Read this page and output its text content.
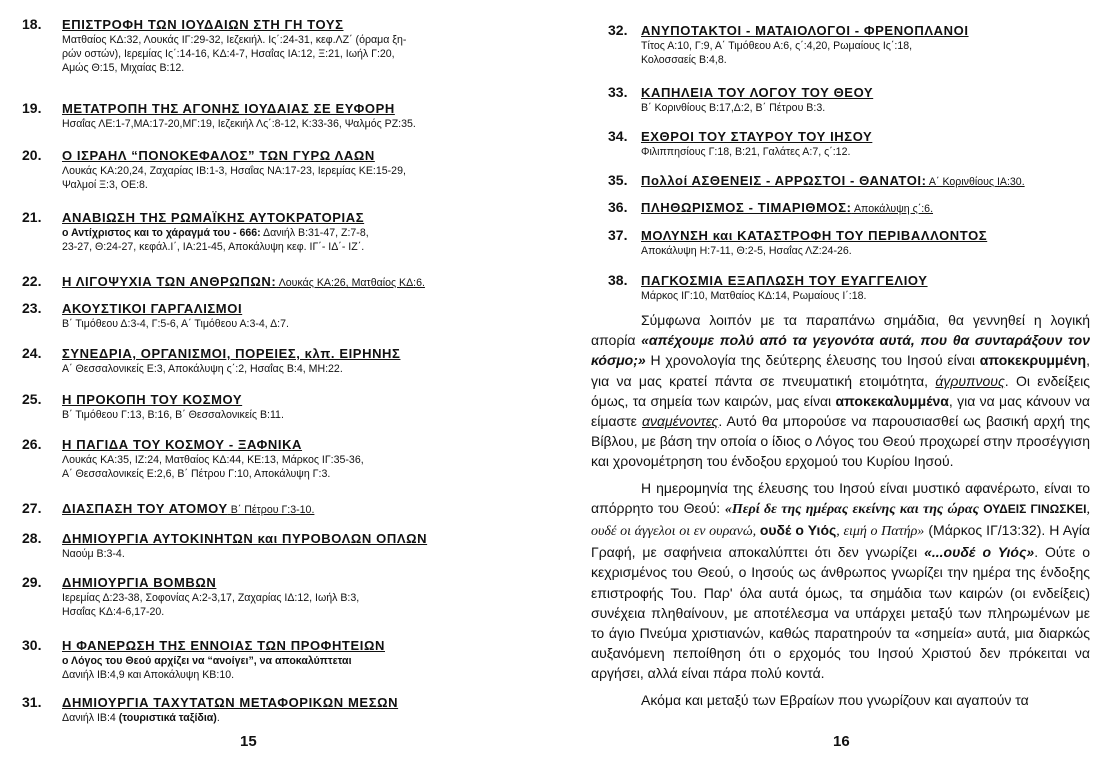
18.	ΕΠΙΣΤΡΟΦΗ ΤΩΝ ΙΟΥΔΑΙΩΝ ΣΤΗ ΓΗ ΤΟΥΣ
Ματθαίος ΚΔ:32, Λουκάς ΙΓ:29-32, Ιεζεκιήλ. Ις΄:24-31, κεφ.ΛΖ΄ (όραμα ξη-
ρών οστών), Ιερεμίας Ις΄:14-16, ΚΔ:4-7, Ησαΐας ΙΑ:12, Ξ:21, Ιωήλ Γ:20,
Αμώς Θ:15, Μιχαίας Β:12.
19.	ΜΕΤΑΤΡΟΠΗ ΤΗΣ ΑΓΟΝΗΣ ΙΟΥΔΑΙΑΣ ΣΕ ΕΥΦΟΡΗ
Ησαΐας ΛΕ:1-7,ΜΑ:17-20,ΜΓ:19, Ιεζεκιήλ Λς΄:8-12, Κ:33-36, Ψαλμός ΡΖ:35.
20.	Ο ΙΣΡΑΗΛ “ΠΟΝΟΚΕΦΑΛΟΣ” ΤΩΝ ΓΥΡΩ ΛΑΩΝ
Λουκάς ΚΑ:20,24, Ζαχαρίας ΙΒ:1-3, Ησαΐας ΝΑ:17-23, Ιερεμίας ΚΕ:15-29,
Ψαλμοί Ξ:3, ΟΕ:8.
21.	ΑΝΑΒΙΩΣΗ ΤΗΣ ΡΩΜΑΪΚΗΣ ΑΥΤΟΚΡΑΤΟΡΙΑΣ
ο Αντίχριστος και το χάραγμά του - 666: Δανιήλ Β:31-47, Ζ:7-8,
23-27, Θ:24-27, κεφάλ.Ι΄, ΙΑ:21-45, Αποκάλυψη κεφ. ΙΓ΄- ΙΔ΄- ΙΖ΄.
22.	Η ΛΙΓΟΨΥΧΙΑ ΤΩΝ ΑΝΘΡΩΠΩΝ: Λουκάς ΚΑ:26, Ματθαίος ΚΔ:6.
23.	ΑΚΟΥΣΤΙΚΟΙ ΓΑΡΓΑΛΙΣΜΟΙ
Β΄ Τιμόθεου Δ:3-4, Γ:5-6, Α΄ Τιμόθεου Α:3-4, Δ:7.
24.	ΣΥΝΕΔΡΙΑ, ΟΡΓΑΝΙΣΜΟΙ, ΠΟΡΕΙΕΣ, κλπ. ΕΙΡΗΝΗΣ
Α΄ Θεσσαλονικείς Ε:3, Αποκάλυψη ς΄:2, Ησαΐας Β:4, ΜΗ:22.
25.	Η ΠΡΟΚΟΠΗ ΤΟΥ ΚΟΣΜΟΥ
Β΄ Τιμόθεου Γ:13, Β:16, Β΄ Θεσσαλονικείς Β:11.
26.	Η ΠΑΓΙΔΑ ΤΟΥ ΚΟΣΜΟΥ - ΞΑΦΝΙΚΑ
Λουκάς ΚΑ:35, ΙΖ:24, Ματθαίος ΚΔ:44, ΚΕ:13, Μάρκος ΙΓ:35-36,
Α΄ Θεσσαλονικείς Ε:2,6, Β΄ Πέτρου Γ:10, Αποκάλυψη Γ:3.
27.	ΔΙΑΣΠΑΣΗ ΤΟΥ ΑΤΟΜΟΥ Β΄ Πέτρου Γ:3-10.
28.	ΔΗΜΙΟΥΡΓΙΑ ΑΥΤΟΚΙΝΗΤΩΝ και ΠΥΡΟΒΟΛΩΝ ΟΠΛΩΝ
Ναούμ Β:3-4.
29.	ΔΗΜΙΟΥΡΓΙΑ ΒΟΜΒΩΝ
Ιερεμίας Δ:23-38, Σοφονίας Α:2-3,17, Ζαχαρίας ΙΔ:12, Ιωήλ Β:3,
Ησαΐας ΚΔ:4-6,17-20.
30.	Η ΦΑΝΕΡΩΣΗ ΤΗΣ ΕΝΝΟΙΑΣ ΤΩΝ ΠΡΟΦΗΤΕΙΩΝ
ο Λόγος του Θεού αρχίζει να “ανοίγει”, να αποκαλύπτεται
Δανιήλ ΙΒ:4,9 και Αποκάλυψη ΚΒ:10.
31.	ΔΗΜΙΟΥΡΓΙΑ ΤΑΧΥΤΑΤΩΝ ΜΕΤΑΦΟΡΙΚΩΝ ΜΕΣΩΝ
Δανιήλ ΙΒ:4 (τουριστικά ταξίδια).
15
32.	ΑΝΥΠΟΤΑΚΤΟΙ - ΜΑΤΑΙΟΛΟΓΟΙ - ΦΡΕΝΟΠΛΑΝΟΙ
Τίτος Α:10, Γ:9, Α΄ Τιμόθεου Α:6, ς΄:4,20, Ρωμαίους Ις΄:18,
Κολοσσαείς Β:4,8.
33.	ΚΑΠΗΛΕΙΑ ΤΟΥ ΛΟΓΟΥ ΤΟΥ ΘΕΟΥ
Β΄ Κορινθίους Β:17,Δ:2, Β΄ Πέτρου Β:3.
34.	ΕΧΘΡΟΙ ΤΟΥ ΣΤΑΥΡΟΥ ΤΟΥ ΙΗΣΟΥ
Φιλιππησίους Γ:18, Β:21, Γαλάτες Α:7, ς΄:12.
35.	Πολλοί ΑΣΘΕΝΕΙΣ - ΑΡΡΩΣΤΟΙ - ΘΑΝΑΤΟΙ: Α΄ Κορινθίους ΙΑ:30.
36.	ΠΛΗΘΩΡΙΣΜΟΣ - ΤΙΜΑΡΙΘΜΟΣ: Αποκάλυψη ς΄:6.
37.	ΜΟΛΥΝΣΗ και ΚΑΤΑΣΤΡΟΦΗ ΤΟΥ ΠΕΡΙΒΑΛΛΟΝΤΟΣ
Αποκάλυψη Η:7-11, Θ:2-5, Ησαΐας ΛΖ:24-26.
38.	ΠΑΓΚΟΣΜΙΑ ΕΞΑΠΛΩΣΗ ΤΟΥ ΕΥΑΓΓΕΛΙΟΥ
Μάρκος ΙΓ:10, Ματθαίος ΚΔ:14, Ρωμαίους Ι΄:18.

Σύμφωνα λοιπόν με τα παραπάνω σημάδια, θα γεννηθεί η λογική απορία «απέχουμε πολύ από τα γεγονότα αυτά, που θα συνταράξουν τον κόσμο;» Η χρονολογία της δεύτερης έλευσης του Ιησού είναι αποκεκρυμμένη, για να μας κρατεί πάντα σε πνευματική ετοιμότητα, άγρυπνους. Οι ενδείξεις όμως, τα σημεία των καιρών, μας είναι αποκεκαλυμμένα, για να μας κάνουν να είμαστε αναμένοντες. Αυτό θα μπορούσε να παρουσιασθεί ως βασική αρχή της Βίβλου, με βάση την οποία ο ίδιος ο Λόγος του Θεού προχωρεί στην προσέγγιση και χρονομέτρηση του ένδοξου ερχομού του Κυρίου Ιησού.

Η ημερομηνία της έλευσης του Ιησού είναι μυστικό αφανέρωτο, είναι το απόρρητο του Θεού: «Περί δε της ημέρας εκείνης και της ώρας ΟΥΔΕΙΣ ΓΙΝΩΣΚΕΙ, ουδέ οι άγγελοι οι εν ουρανώ, ουδέ ο Υιός, ειμή ο Πατήρ» (Μάρκος ΙΓ/13:32). Η Αγία Γραφή, με σαφήνεια αποκαλύπτει ότι δεν γνωρίζει «...ουδέ ο Υιός». Ούτε ο κεχρισμένος του Θεού, ο Ιησούς ως άνθρωπος γνωρίζει την ημέρα της ένδοξης επιστροφής Του. Παρ' όλα αυτά όμως, τα σημάδια των καιρών (οι ενδείξεις) συνέχεια πληθαίνουν, με αποτέλεσμα να υπάρχει μεταξύ των πληρωμένων με το άγιο Πνεύμα χριστιανών, καθώς παρατηρούν τα «σημεία» αυτά, μια διαρκώς αυξανόμενη πεποίθηση ότι ο ερχομός του Ιησού Χριστού δεν πρόκειται να αργήσει, αλλά είναι πάρα πολύ κοντά.

Ακόμα και μεταξύ των Εβραίων που γνωρίζουν και αγαπούν τα

16
